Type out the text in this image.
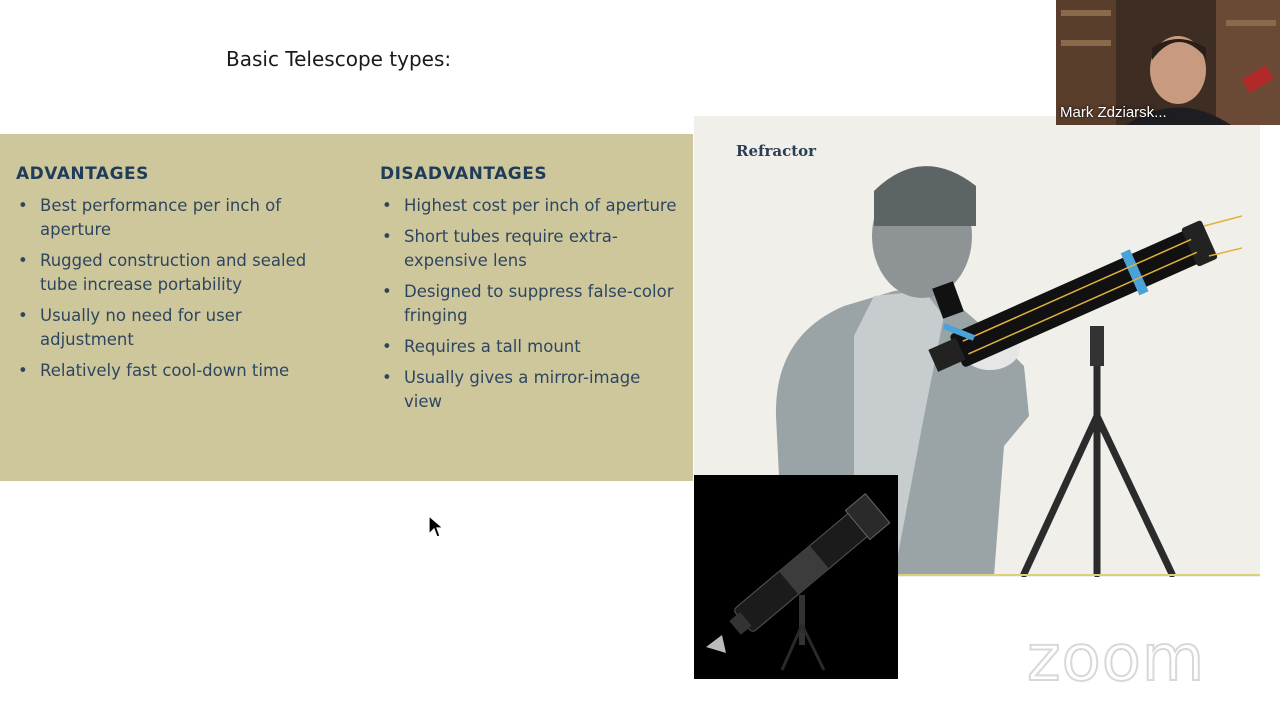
Basic Telescope types:
ADVANTAGES
• Best performance per inch of aperture
• Rugged construction and sealed tube increase portability
• Usually no need for user adjustment
• Relatively fast cool-down time
DISADVANTAGES
• Highest cost per inch of aperture
• Short tubes require extra-expensive lens
• Designed to suppress false-color fringing
• Requires a tall mount
• Usually gives a mirror-image view
Refractor
Mark Zdziarsk...
zoom
